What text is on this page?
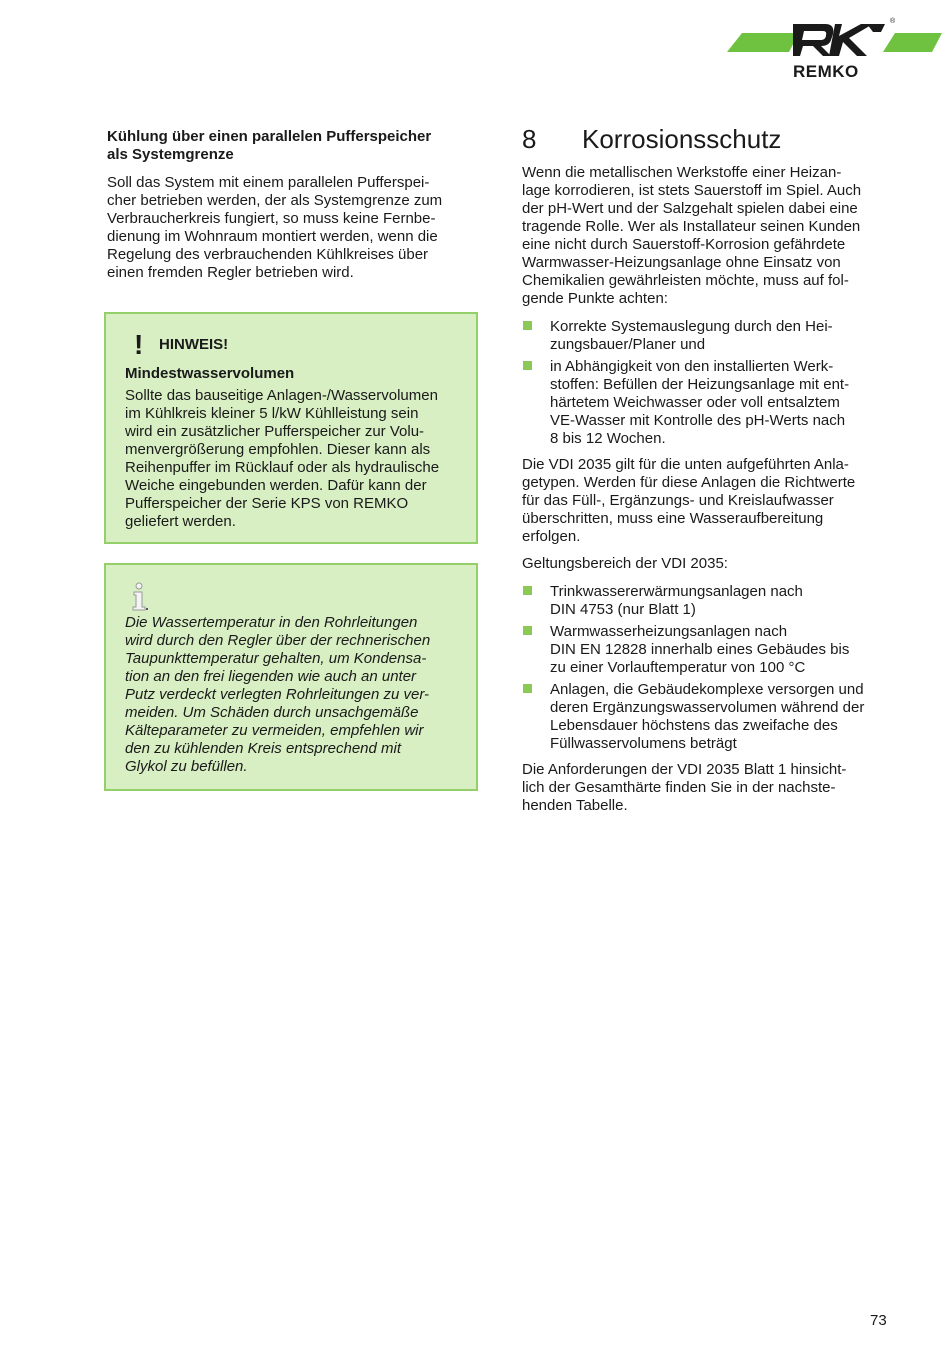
®
REMKO
Kühlung über einen parallelen Pufferspeicher
als Systemgrenze
Soll das System mit einem parallelen Pufferspei-
cher betrieben werden, der als Systemgrenze zum
Verbraucherkreis fungiert, so muss keine Fernbe-
dienung im Wohnraum montiert werden, wenn die
Regelung des verbrauchenden Kühlkreises über
einen fremden Regler betrieben wird.
! HINWEIS!
Mindestwasservolumen
Sollte das bauseitige Anlagen-/Wasservolumen
im Kühlkreis kleiner 5 l/kW Kühlleistung sein
wird ein zusätzlicher Pufferspeicher zur Volu-
menvergrößerung empfohlen. Dieser kann als
Reihenpuffer im Rücklauf oder als hydraulische
Weiche eingebunden werden. Dafür kann der
Pufferspeicher der Serie KPS von REMKO
geliefert werden.
Die Wassertemperatur in den Rohrleitungen
wird durch den Regler über der rechnerischen
Taupunkttemperatur gehalten, um Kondensa-
tion an den frei liegenden wie auch an unter
Putz verdeckt verlegten Rohrleitungen zu ver-
meiden. Um Schäden durch unsachgemäße
Kälteparameter zu vermeiden, empfehlen wir
den zu kühlenden Kreis entsprechend mit
Glykol zu befüllen.
8 Korrosionsschutz
Wenn die metallischen Werkstoffe einer Heizan-
lage korrodieren, ist stets Sauerstoff im Spiel. Auch
der pH-Wert und der Salzgehalt spielen dabei eine
tragende Rolle. Wer als Installateur seinen Kunden
eine nicht durch Sauerstoff-Korrosion gefährdete
Warmwasser-Heizungsanlage ohne Einsatz von
Chemikalien gewährleisten möchte, muss auf fol-
gende Punkte achten:
Korrekte Systemauslegung durch den Hei-
zungsbauer/Planer und
in Abhängigkeit von den installierten Werk-
stoffen: Befüllen der Heizungsanlage mit ent-
härtetem Weichwasser oder voll entsalztem
VE-Wasser mit Kontrolle des pH-Werts nach
8 bis 12 Wochen.
Die VDI 2035 gilt für die unten aufgeführten Anla-
getypen. Werden für diese Anlagen die Richtwerte
für das Füll-, Ergänzungs- und Kreislaufwasser
überschritten, muss eine Wasseraufbereitung
erfolgen.
Geltungsbereich der VDI 2035:
Trinkwassererwärmungsanlagen nach
DIN 4753 (nur Blatt 1)
Warmwasserheizungsanlagen nach
DIN EN 12828 innerhalb eines Gebäudes bis
zu einer Vorlauftemperatur von 100 °C
Anlagen, die Gebäudekomplexe versorgen und
deren Ergänzungswasservolumen während der
Lebensdauer höchstens das zweifache des
Füllwasservolumens beträgt
Die Anforderungen der VDI 2035 Blatt 1 hinsicht-
lich der Gesamthärte finden Sie in der nachste-
henden Tabelle.
73
